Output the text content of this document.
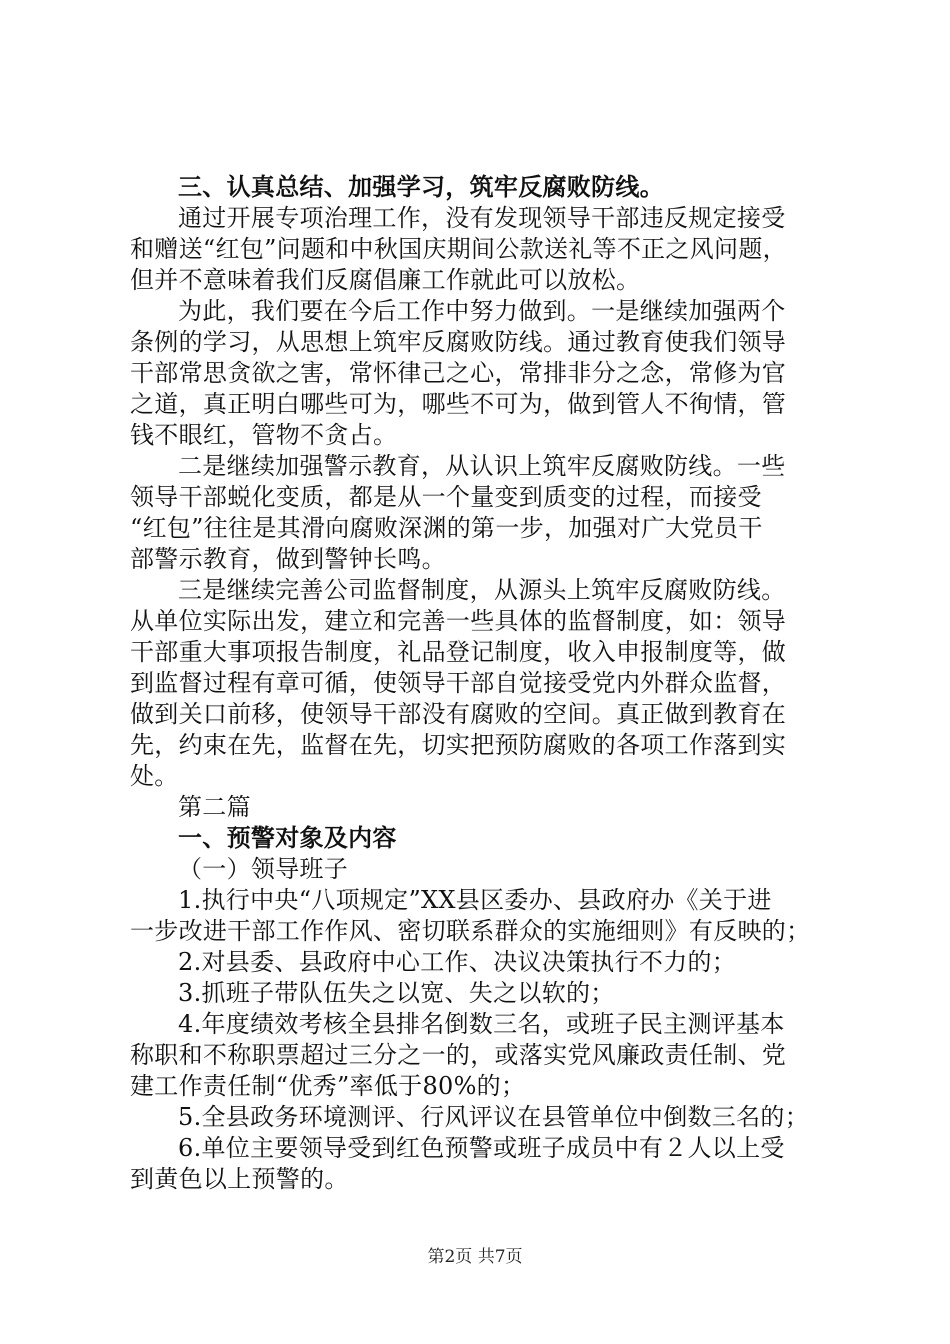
三、认真总结、加强学习，筑牢反腐败防线。
通过开展专项治理工作，没有发现领导干部违反规定接受
和赠送“红包”问题和中秋国庆期间公款送礼等不正之风问题，
但并不意味着我们反腐倡廉工作就此可以放松。
为此，我们要在今后工作中努力做到。一是继续加强两个
条例的学习，从思想上筑牢反腐败防线。通过教育使我们领导
干部常思贪欲之害，常怀律己之心，常排非分之念，常修为官
之道，真正明白哪些可为，哪些不可为，做到管人不徇情，管
钱不眼红，管物不贪占。
二是继续加强警示教育，从认识上筑牢反腐败防线。一些
领导干部蜕化变质，都是从一个量变到质变的过程，而接受
“红包”往往是其滑向腐败深渊的第一步，加强对广大党员干
部警示教育，做到警钟长鸣。
三是继续完善公司监督制度，从源头上筑牢反腐败防线。
从单位实际出发，建立和完善一些具体的监督制度，如：领导
干部重大事项报告制度，礼品登记制度，收入申报制度等，做
到监督过程有章可循，使领导干部自觉接受党内外群众监督，
做到关口前移，使领导干部没有腐败的空间。真正做到教育在
先，约束在先，监督在先，切实把预防腐败的各项工作落到实
处。
第二篇
一、预警对象及内容
（一）领导班子
1.执行中央“八项规定”XX县区委办、县政府办《关于进
一步改进干部工作作风、密切联系群众的实施细则》有反映的；
2.对县委、县政府中心工作、决议决策执行不力的；
3.抓班子带队伍失之以宽、失之以软的；
4.年度绩效考核全县排名倒数三名，或班子民主测评基本
称职和不称职票超过三分之一的，或落实党风廉政责任制、党
建工作责任制“优秀”率低于80%的；
5.全县政务环境测评、行风评议在县管单位中倒数三名的；
6.单位主要领导受到红色预警或班子成员中有２人以上受
到黄色以上预警的。
第2页 共7页
